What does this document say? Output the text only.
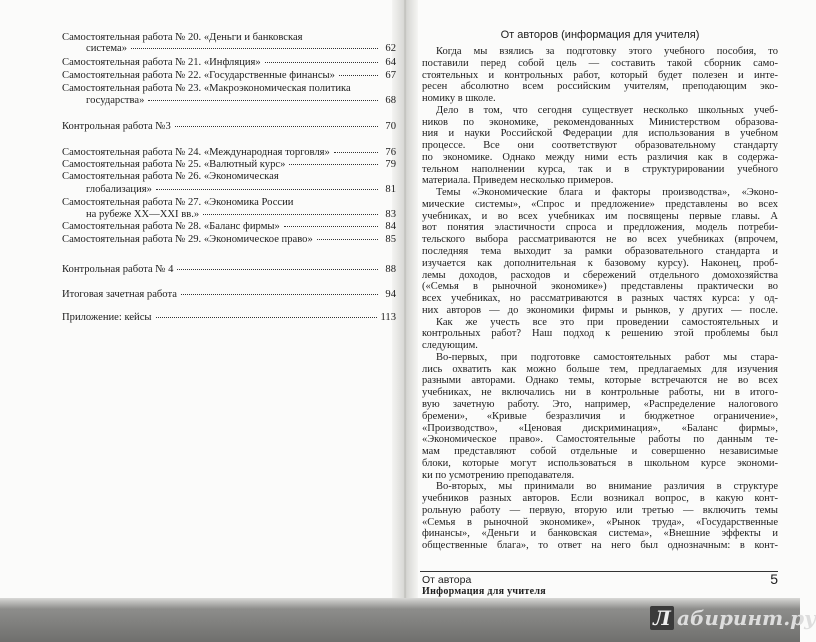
Самостоятельная работа № 20. «Деньги и банковская
система»	62
Самостоятельная работа № 21. «Инфляция»	64
Самостоятельная работа № 22. «Государственные финансы»	67
Самостоятельная работа № 23. «Макроэкономическая политика
государства»	68
Контрольная работа №3	70
Самостоятельная работа № 24. «Международная торговля»	76
Самостоятельная работа № 25. «Валютный курс»	79
Самостоятельная работа № 26. «Экономическая
глобализация»	81
Самостоятельная работа № 27. «Экономика России
на рубеже XX—XXI вв.»	83
Самостоятельная работа № 28. «Баланс фирмы»	84
Самостоятельная работа № 29. «Экономическое право»	85
Контрольная работа № 4	88
Итоговая зачетная работа	94
Приложение: кейсы	113
От авторов (информация для учителя)
Когда мы взялись за подготовку этого учебного пособия, то
поставили перед собой цель — составить такой сборник само-
стоятельных и контрольных работ, который будет полезен и инте-
ресен абсолютно всем российским учителям, преподающим эко-
номику в школе.
Дело в том, что сегодня существует несколько школьных учеб-
ников по экономике, рекомендованных Министерством образова-
ния и науки Российской Федерации для использования в учебном
процессе. Все они соответствуют образовательному стандарту
по экономике. Однако между ними есть различия как в содержа-
тельном наполнении курса, так и в структурировании учебного
материала. Приведем несколько примеров.
Темы «Экономические блага и факторы производства», «Эконо-
мические системы», «Спрос и предложение» представлены во всех
учебниках, и во всех учебниках им посвящены первые главы. А
вот понятия эластичности спроса и предложения, модель потреби-
тельского выбора рассматриваются не во всех учебниках (впрочем,
последняя тема выходит за рамки образовательного стандарта и
изучается как дополнительная к базовому курсу). Наконец, проб-
лемы доходов, расходов и сбережений отдельного домохозяйства
(«Семья в рыночной экономике») представлены практически во
всех учебниках, но рассматриваются в разных частях курса: у од-
них авторов — до экономики фирмы и рынков, у других — после.
Как же учесть все это при проведении самостоятельных и
контрольных работ? Наш подход к решению этой проблемы был
следующим.
Во-первых, при подготовке самостоятельных работ мы стара-
лись охватить как можно больше тем, предлагаемых для изучения
разными авторами. Однако темы, которые встречаются не во всех
учебниках, не включались ни в контрольные работы, ни в итого-
вую зачетную работу. Это, например, «Распределение налогового
бремени», «Кривые безразличия и бюджетное ограничение»,
«Производство», «Ценовая дискриминация», «Баланс фирмы»,
«Экономическое право». Самостоятельные работы по данным те-
мам представляют собой отдельные и совершенно независимые
блоки, которые могут использоваться в школьном курсе экономи-
ки по усмотрению преподавателя.
Во-вторых, мы принимали во внимание различия в структуре
учебников разных авторов. Если возникал вопрос, в какую конт-
рольную работу — первую, вторую или третью — включить темы
«Семья в рыночной экономике», «Рынок труда», «Государственные
финансы», «Деньги и банковская система», «Внешние эффекты и
общественные блага», то ответ на него был однозначным: в конт-
От автора
Информация для учителя
5
Л абиринт.ру
